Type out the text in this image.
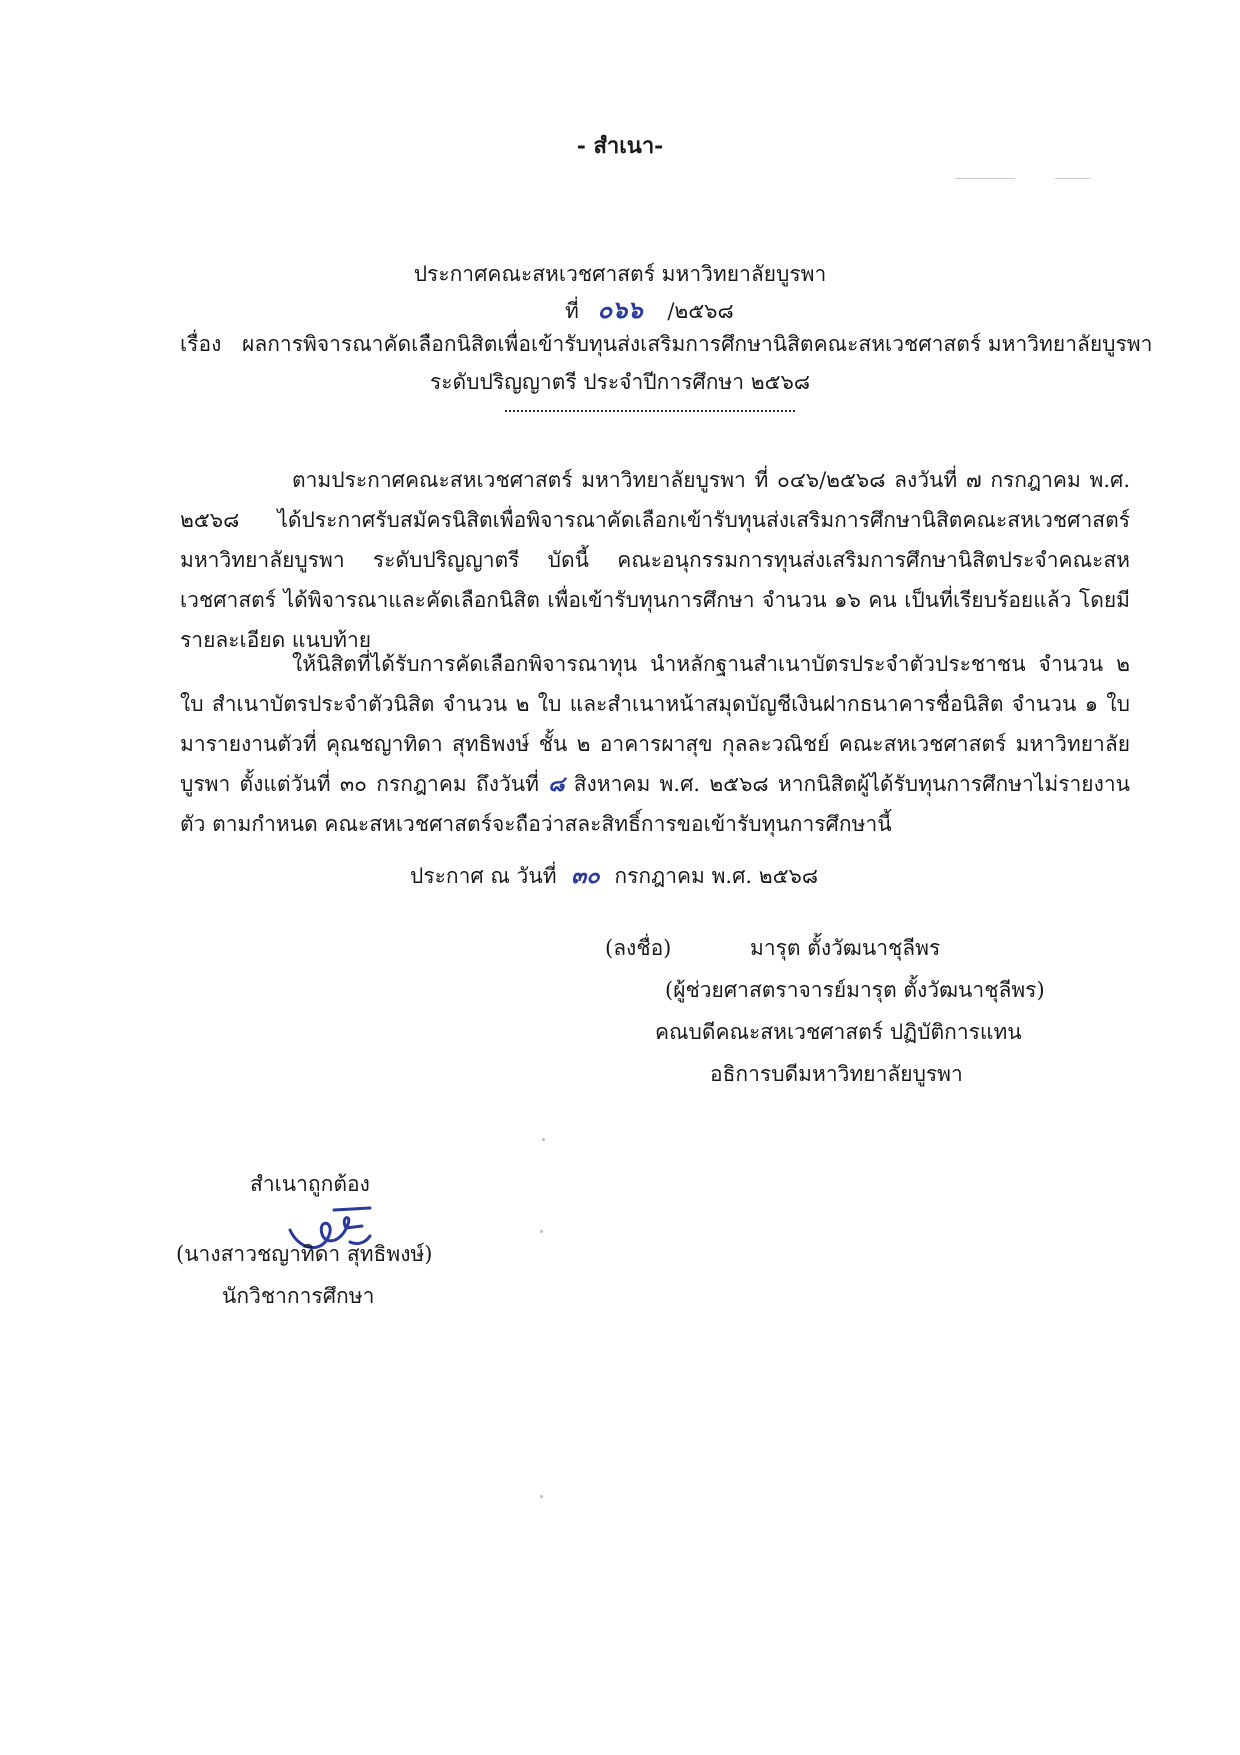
- สำเนา-
ประกาศคณะสหเวชศาสตร์ มหาวิทยาลัยบูรพา
ที่ ๐๖๖ /๒๕๖๘
เรื่อง ผลการพิจารณาคัดเลือกนิสิตเพื่อเข้ารับทุนส่งเสริมการศึกษานิสิตคณะสหเวชศาสตร์ มหาวิทยาลัยบูรพา
ระดับปริญญาตรี ประจำปีการศึกษา ๒๕๖๘
ตามประกาศคณะสหเวชศาสตร์ มหาวิทยาลัยบูรพา ที่ ๐๔๖/๒๕๖๘ ลงวันที่ ๗ กรกฎาคม พ.ศ. ๒๕๖๘ ได้ประกาศรับสมัครนิสิตเพื่อพิจารณาคัดเลือกเข้ารับทุนส่งเสริมการศึกษานิสิตคณะสหเวชศาสตร์ มหาวิทยาลัยบูรพา ระดับปริญญาตรี บัดนี้ คณะอนุกรรมการทุนส่งเสริมการศึกษานิสิตประจำคณะสหเวชศาสตร์ ได้พิจารณาและคัดเลือกนิสิต เพื่อเข้ารับทุนการศึกษา จำนวน ๑๖ คน เป็นที่เรียบร้อยแล้ว โดยมีรายละเอียด แนบท้าย
ให้นิสิตที่ได้รับการคัดเลือกพิจารณาทุน นำหลักฐานสำเนาบัตรประจำตัวประชาชน จำนวน ๒ ใบ สำเนาบัตรประจำตัวนิสิต จำนวน ๒ ใบ และสำเนาหน้าสมุดบัญชีเงินฝากธนาคารชื่อนิสิต จำนวน ๑ ใบ มารายงานตัวที่ คุณชญาทิดา สุทธิพงษ์ ชั้น ๒ อาคารผาสุข กุลละวณิชย์ คณะสหเวชศาสตร์ มหาวิทยาลัย บูรพา ตั้งแต่วันที่ ๓๐ กรกฎาคม ถึงวันที่ ๘ สิงหาคม พ.ศ. ๒๕๖๘ หากนิสิตผู้ได้รับทุนการศึกษาไม่รายงานตัว ตามกำหนด คณะสหเวชศาสตร์จะถือว่าสละสิทธิ์การขอเข้ารับทุนการศึกษานี้
ประกาศ ณ วันที่ ๓๐ กรกฎาคม พ.ศ. ๒๕๖๘
(ลงชื่อ)	มารุต ตั้งวัฒนาชุลีพร
(ผู้ช่วยศาสตราจารย์มารุต ตั้งวัฒนาชุลีพร)
คณบดีคณะสหเวชศาสตร์ ปฏิบัติการแทน
อธิการบดีมหาวิทยาลัยบูรพา
สำเนาถูกต้อง
(นางสาวชญาทิดา สุทธิพงษ์)
นักวิชาการศึกษา
